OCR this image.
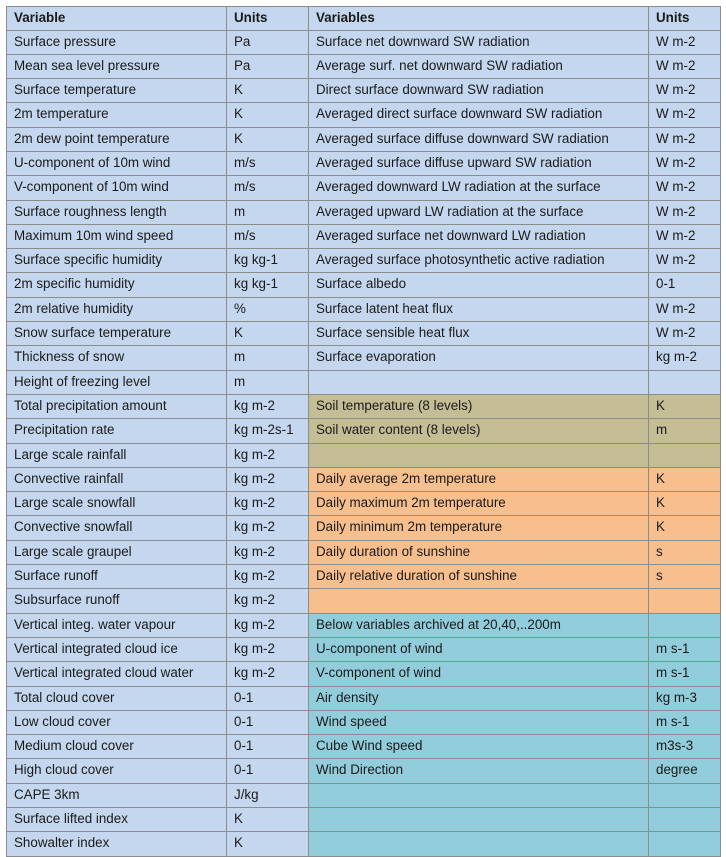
Variable	Units	Variables	Units
Surface pressure	Pa	Surface net downward SW radiation	W m-2
Mean sea level pressure	Pa	Average surf. net downward SW radiation	W m-2
Surface temperature	K	Direct surface downward SW radiation	W m-2
2m temperature	K	Averaged direct surface downward SW radiation	W m-2
2m dew point temperature	K	Averaged surface diffuse downward SW radiation	W m-2
U-component of 10m wind	m/s	Averaged surface diffuse upward SW radiation	W m-2
V-component of 10m wind	m/s	Averaged downward LW radiation at the surface	W m-2
Surface roughness length	m	Averaged upward LW radiation at the surface	W m-2
Maximum 10m wind speed	m/s	Averaged surface net downward LW radiation	W m-2
Surface specific humidity	kg kg-1	Averaged surface photosynthetic active radiation	W m-2
2m specific humidity	kg kg-1	Surface albedo	0-1
2m relative humidity	%	Surface latent heat flux	W m-2
Snow surface temperature	K	Surface sensible heat flux	W m-2
Thickness of snow	m	Surface evaporation	kg m-2
Height of freezing level	m		
Total precipitation amount	kg m-2	Soil temperature (8 levels)	K
Precipitation rate	kg m-2s-1	Soil water content (8 levels)	m
Large scale rainfall	kg m-2		
Convective rainfall	kg m-2	Daily average 2m temperature	K
Large scale snowfall	kg m-2	Daily maximum 2m temperature	K
Convective snowfall	kg m-2	Daily minimum 2m temperature	K
Large scale graupel	kg m-2	Daily duration of sunshine	s
Surface runoff	kg m-2	Daily relative duration of sunshine	s
Subsurface runoff	kg m-2		
Vertical integ. water vapour	kg m-2	Below variables archived at 20,40,..200m	
Vertical integrated cloud ice	kg m-2	U-component of wind	m s-1
Vertical integrated cloud water	kg m-2	V-component of wind	m s-1
Total cloud cover	0-1	Air density	kg m-3
Low cloud cover	0-1	Wind speed	m s-1
Medium cloud cover	0-1	Cube Wind speed	m3s-3
High cloud cover	0-1	Wind Direction	degree
CAPE 3km	J/kg		
Surface lifted index	K		
Showalter index	K		
